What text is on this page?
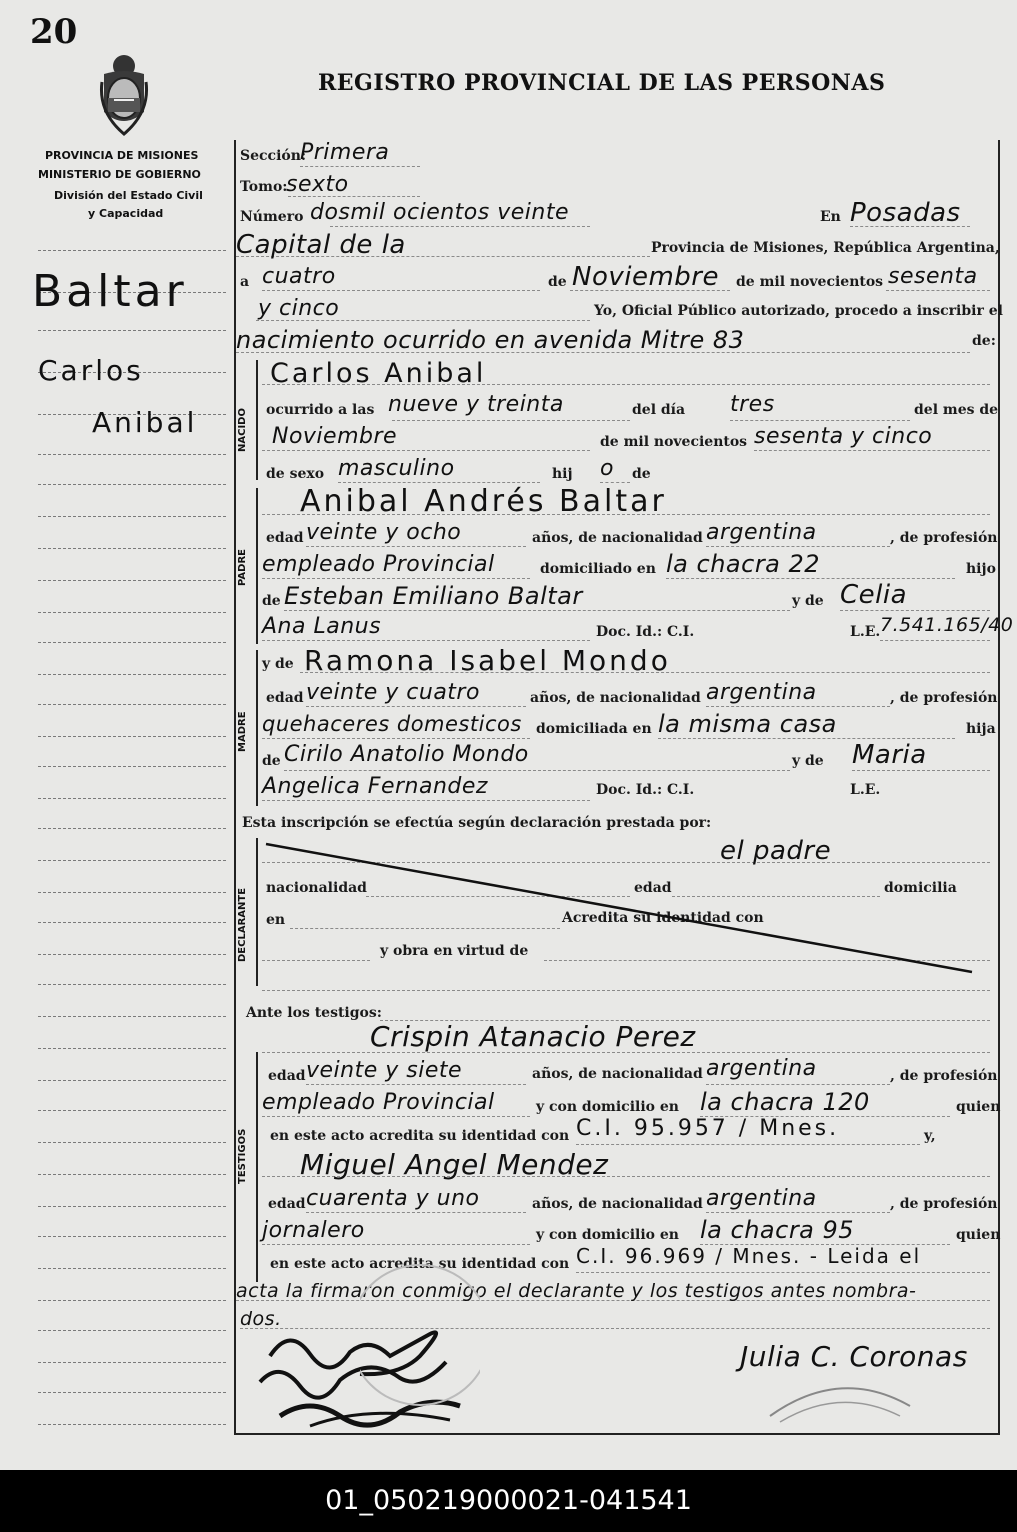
20
REGISTRO PROVINCIAL DE LAS PERSONAS
PROVINCIA DE MISIONES
MINISTERIO DE GOBIERNO
División del Estado Civil
y Capacidad
Baltar
Carlos
Anibal	NACIDO
PADRE
MADRE
DECLARANTE
TESTIGOS
Sección:
Primera
Tomo:
sexto
Número dosmil ocientos veinte	En Posadas
Capital de la	Provincia de Misiones, República Argentina,
a cuatro	de Noviembre de mil novecientos sesenta
y cinco	Yo, Oficial Público autorizado, procedo a inscribir el
nacimiento ocurrido en avenida Mitre 83	de:
Carlos Anibal
ocurrido a las nueve y treinta	del día tres	del mes de
Noviembre	de mil novecientos sesenta y cinco
de sexo masculino	hij o de
Anibal Andrés Baltar
edad veinte y ocho	años, de nacionalidad argentina	, de profesión
empleado Provincial	domiciliado en la chacra 22	hijo
de Esteban Emiliano Baltar	y de Celia
Ana Lanus	Doc. Id.: C.I.	L.E. 7.541.165/40
y de Ramona Isabel Mondo
edad veinte y cuatro	años, de nacionalidad argentina	, de profesión
quehaceres domesticos domiciliada en la misma casa	hija
de Cirilo Anatolio Mondo	y de Maria
Angelica Fernandez	Doc. Id.: C.I.	L.E.
Esta inscripción se efectúa según declaración prestada por:
el padre
nacionalidad	edad	domicilia
en	Acredita su identidad con
y obra en virtud de
Ante los testigos:
Crispin Atanacio Perez
edad veinte y siete	años, de nacionalidad argentina	, de profesión
empleado Provincial	y con domicilio en la chacra 120	quien
en este acto acredita su identidad con C.I. 95.957 / Mnes.	y,
Miguel Angel Mendez
edad cuarenta y uno	años, de nacionalidad argentina	, de profesión
jornalero	y con domicilio en la chacra 95	quien
en este acto acredita su identidad con C.I. 96.969 / Mnes. - Leida el
acta la firmaron conmigo el declarante y los testigos antes nombra-
dos.
Julia C. Coronas
01_050219000021-041541
